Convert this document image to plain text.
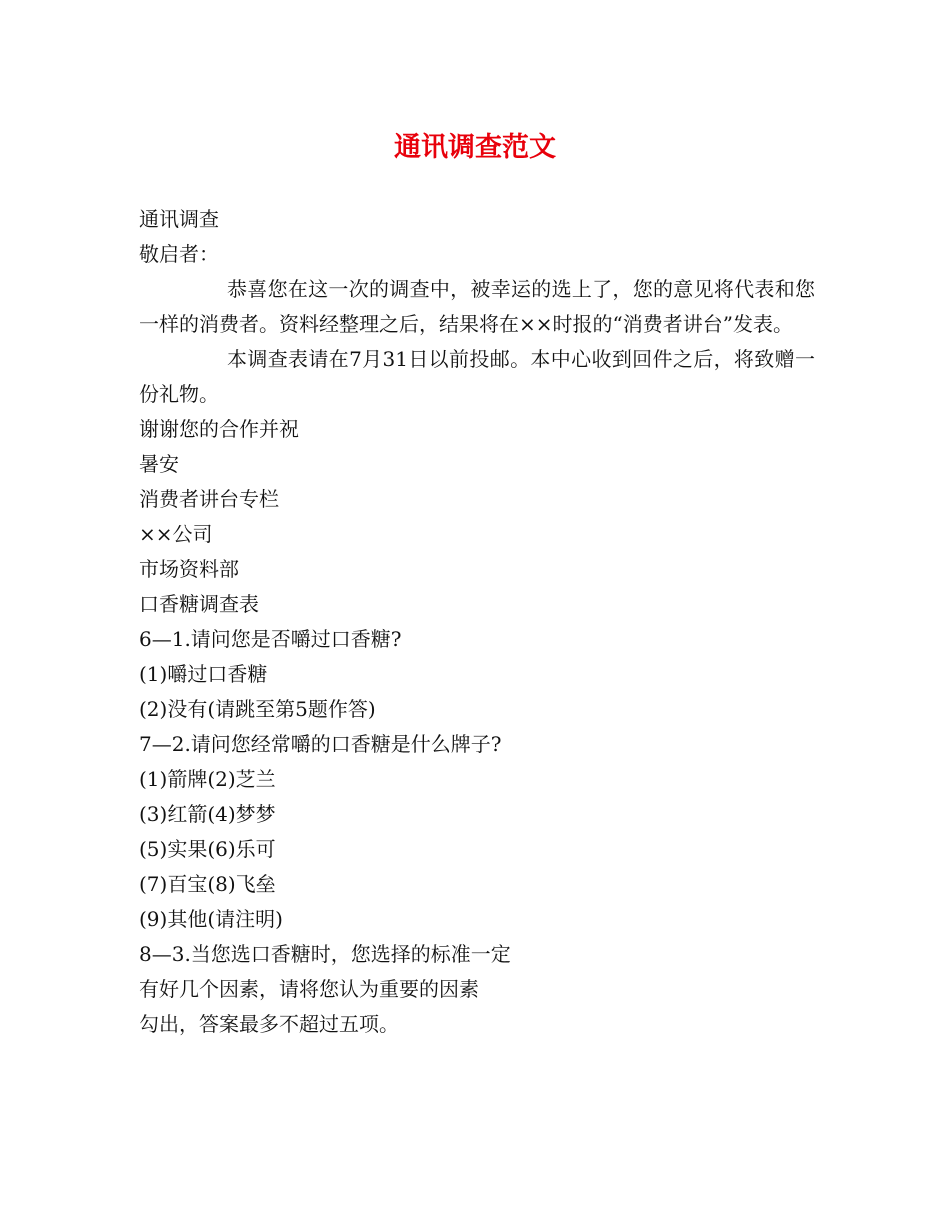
通讯调查范文

通讯调查

敬启者：

恭喜您在这一次的调查中，被幸运的选上了，您的意见将代表和您一样的消费者。资料经整理之后，结果将在××时报的“消费者讲台”发表。

本调查表请在7月31日以前投邮。本中心收到回件之后，将致赠一份礼物。

谢谢您的合作并祝

暑安

消费者讲台专栏

××公司

市场资料部

口香糖调查表

6—1.请问您是否嚼过口香糖?

(1)嚼过口香糖

(2)没有(请跳至第5题作答)

7—2.请问您经常嚼的口香糖是什么牌子?

(1)箭牌(2)芝兰

(3)红箭(4)梦梦

(5)实果(6)乐可

(7)百宝(8)飞垒

(9)其他(请注明)

8—3.当您选口香糖时，您选择的标准一定

有好几个因素，请将您认为重要的因素

勾出，答案最多不超过五项。
